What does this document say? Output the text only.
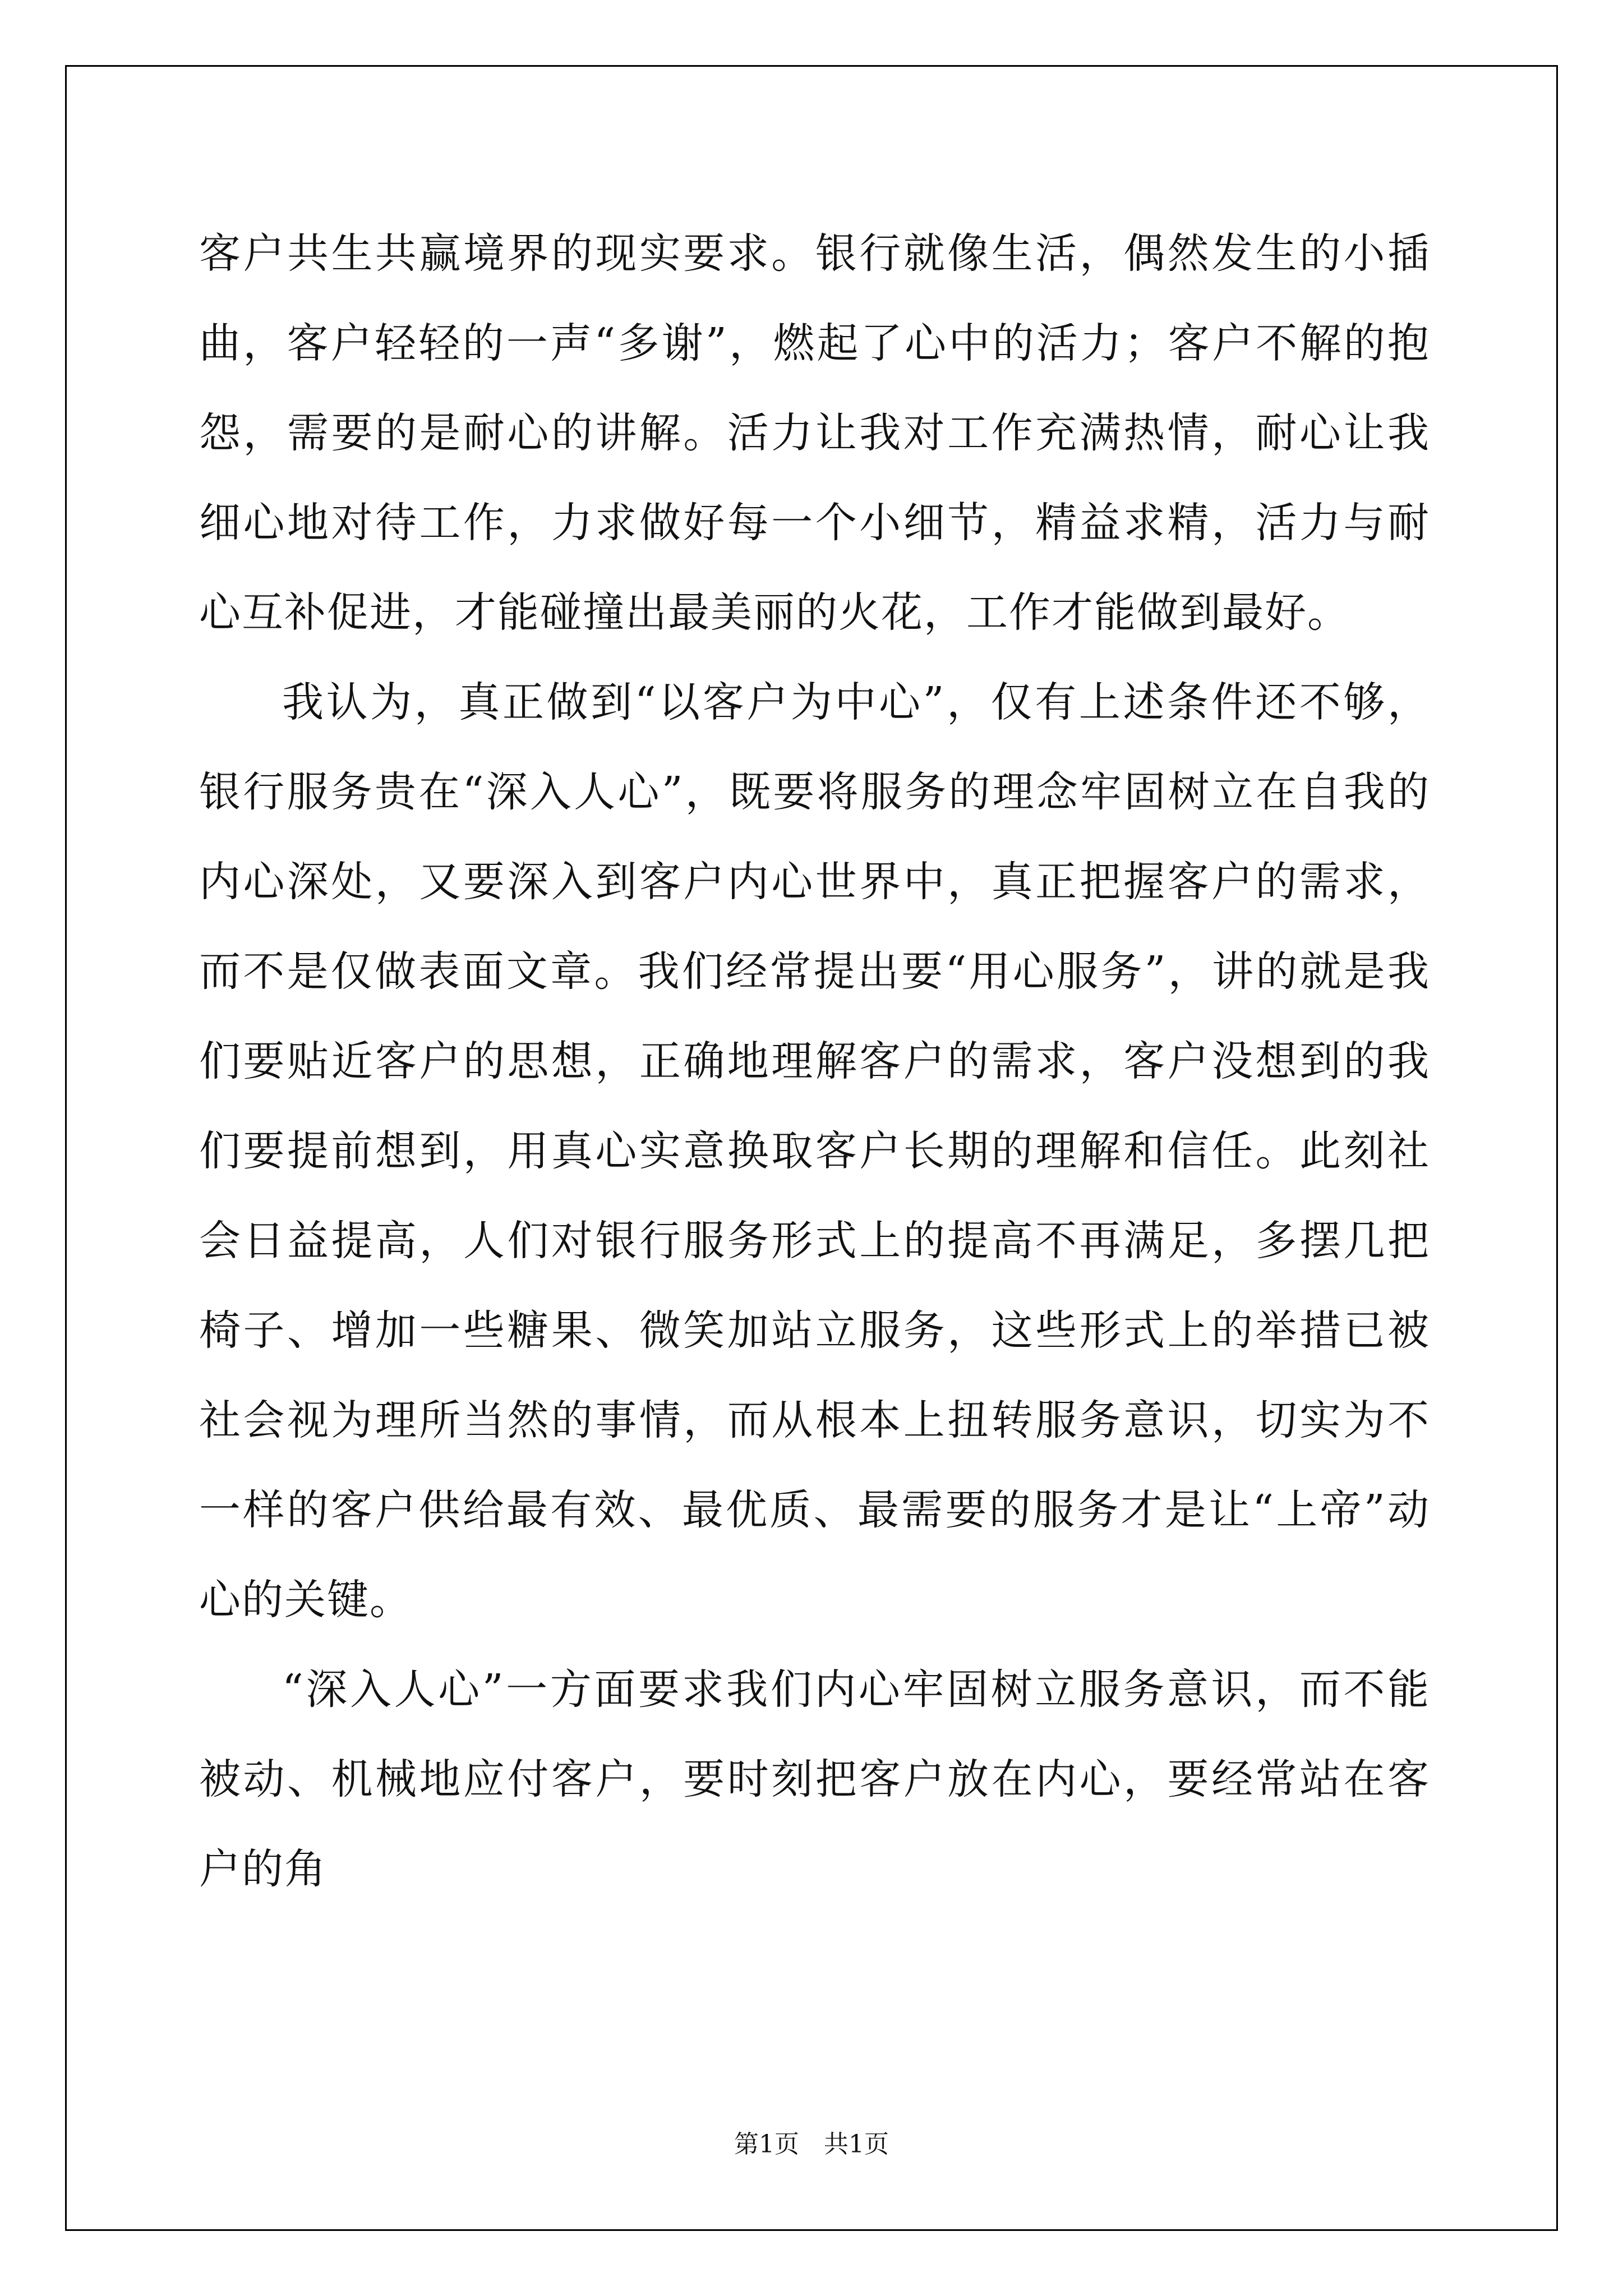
客户共生共赢境界的现实要求。银行就像生活，偶然发生的小插曲，客户轻轻的一声“多谢”，燃起了心中的活力；客户不解的抱怨，需要的是耐心的讲解。活力让我对工作充满热情，耐心让我细心地对待工作，力求做好每一个小细节，精益求精，活力与耐心互补促进，才能碰撞出最美丽的火花，工作才能做到最好。

我认为，真正做到“以客户为中心”，仅有上述条件还不够，银行服务贵在“深入人心”，既要将服务的理念牢固树立在自我的内心深处，又要深入到客户内心世界中，真正把握客户的需求，而不是仅做表面文章。我们经常提出要“用心服务”，讲的就是我们要贴近客户的思想，正确地理解客户的需求，客户没想到的我们要提前想到，用真心实意换取客户长期的理解和信任。此刻社会日益提高，人们对银行服务形式上的提高不再满足，多摆几把椅子、增加一些糖果、微笑加站立服务，这些形式上的举措已被社会视为理所当然的事情，而从根本上扭转服务意识，切实为不一样的客户供给最有效、最优质、最需要的服务才是让“上帝”动心的关键。

“深入人心”一方面要求我们内心牢固树立服务意识，而不能被动、机械地应付客户，要时刻把客户放在内心，要经常站在客户的角

第1页　共1页
